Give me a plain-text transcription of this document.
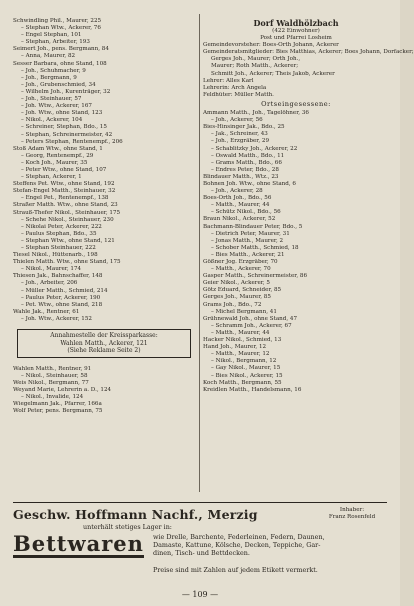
Schwindling Phil., Maurer, 225
– Stephan Wtw., Ackerer, 76
– Engel Stephan, 101
– Stephan, Arbeiter, 193
Seimert Joh., pens. Bergmann, 84
– Anna, Maurer, 82
Sesser Barbara, ohne Stand, 108
– Joh., Schuhmacher, 9
– Joh., Bergmann, 9
– Joh., Grubenschmied, 34
– Wilhelm Joh., Kurenträger, 32
– Joh., Steinhauer, 57
– Joh. Wtw., Ackerer, 167
– Joh. Wtw., ohne Stand, 123
– Nikol., Ackerer, 104
– Schreiner, Stephan, Bdo., 15
– Stephan, Schreinermeister, 42
– Peters Stephan, Rentenempf., 206
Stoß Adam Wtw., ohne Stand, 1
– Georg, Rentenempf., 29
– Koch Joh., Maurer, 35
– Peter Wtw., ohne Stand, 107
– Stephan, Ackerer, 1
Steffens Pet. Wtw., ohne Stand, 192
Stefan-Engel Matth., Steinhauer, 32
– Engel Pet., Rentenempf., 138
Straßer Matth. Wtw., ohne Stand, 23
Strauß-Thefer Nikol., Steinhauer, 175
– Schehe Nikol., Steinhauer, 230
– Nikolai Peter, Ackerer, 222
– Paulus Stephan, Bdo., 35
– Stephan Wtw., ohne Stand, 121
– Stephan Steinhauer, 222
Tiesel Nikol., Hüttenarb., 198
Thielen Matth. Wtw., ohne Stand, 175
– Nikol., Maurer, 174
Thiesen Jak., Bahnschaffer, 148
– Joh., Arbeiter, 206
– Müller Matth., Schmied, 214
– Paulus Peter, Ackerer, 190
– Pet. Wtw., ohne Stand, 218
Wahle Jak., Rentner, 61
– Joh. Wtw., Ackerer, 152
Annahmestelle der Kreissparkasse:
Wahlen Matth., Ackerer, 121
(Siehe Reklame Seite 2)
Wahlen Matth., Rentner, 91
– Nikol., Steinhauer, 58
Weis Nikol., Bergmann, 77
Weyand Marie, Lehrerin a. D., 124
– Nikol., Invalide, 124
Wiegelmann Jak., Pfarrer, 166a
Wolf Peter, pens. Bergmann, 75
Dorf Waldhölzbach
(422 Einwohner)
Post und Pfarrei Losheim
Gemeindevorsteher: Boes-Orth Johann, Ackerer
Gemeinderatsmitglieder: Bies Matthias, Ackerer; Boes Johann, Dorfacker;
Gerges Joh., Maurer; Orth Joh.,
Maurer; Roth Matth., Ackerer;
Schmitt Joh., Ackerer; Theis Jakob, Ackerer
Lehrer: Alles Karl
Lehrerin: Arch Angela
Feldhüter: Müller Matth.
Ortseingesessene:
Ammann Matth., Joh., Tagelöhner, 36
– Joh., Ackerer, 56
Bies-Hinsinger Jak., Bdo., 25
– Jak., Schreiner, 43
– Joh., Erzgräber, 29
– Schablitzky Joh., Ackerer, 22
– Oswald Matth., Bdo., 11
– Grams Matth., Bdo., 66
– Endres Peter, Bdo., 28
Blindauer Matth., Wtz., 23
Bohnen Joh. Wtw., ohne Stand, 6
– Joh., Ackerer, 28
Boes-Orth Joh., Bdo., 56
– Matth., Maurer, 44
– Schütz Nikol., Bdo., 56
Braun Nikol., Ackerer, 52
Bachmann-Blindauer Peter, Bdo., 5
– Dietrich Peter, Maurer, 31
– Jonas Matth., Maurer, 2
– Schober Matth., Schmied, 18
– Bies Matth., Ackerer, 21
Gößner Jog. Erzgräber, 70
– Matth., Ackerer, 70
Gasper Matth., Schreinermeister, 86
Geier Nikol., Ackerer, 5
Götz Eduard, Schneider, 85
Gerges Joh., Maurer, 85
Grams Joh., Bdo., 72
– Michel Bergmann, 41
Grühnewald Joh., ohne Stand, 47
– Schramm Joh., Ackerer, 67
– Matth., Maurer, 44
Hacker Nikol., Schmied, 13
Hand Joh., Maurer, 12
– Matth., Maurer, 12
– Nikol., Bergmann, 12
– Gay Nikol., Maurer, 15
– Bies Nikol., Ackerer, 15
Koch Matth., Bergmann, 55
Kreidlen Matth., Handelsmann, 16
Geschw. Hoffmann Nachf., Merzig	Inhaber:
Franz Rosenfeld
unterhält stetiges Lager in:
Bettwaren wie Drelle, Barchente, Federleinen, Federn, Daunen,
Damaste, Kattune, Kölsche, Decken, Teppiche, Gar-
dinen, Tisch- und Bettdecken.
Preise sind mit Zahlen auf jedem Etikett vermerkt.
— 109 —
